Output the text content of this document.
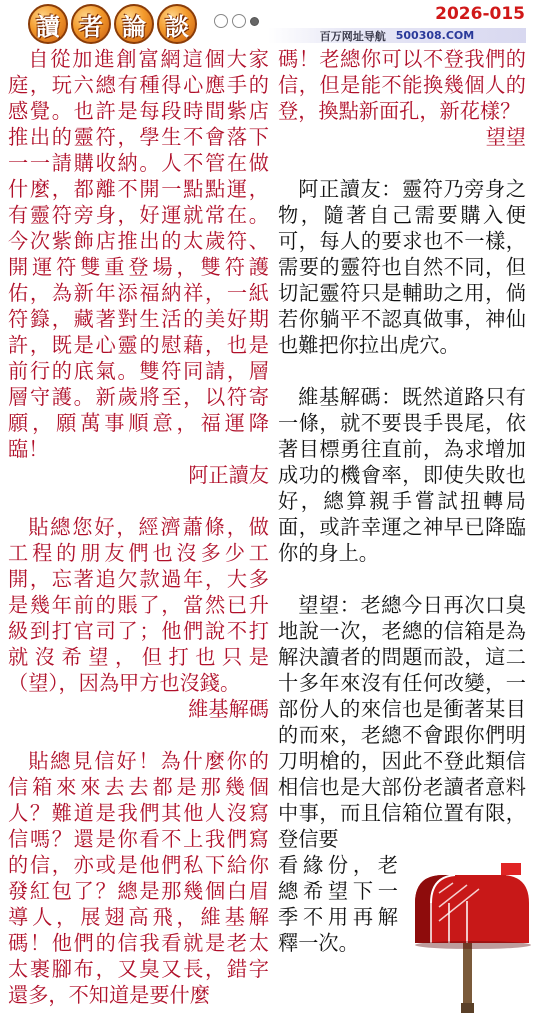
讀 者 論 談	2026-015
百万网址导航 500308.COM

自從加進創富網這個大家庭，玩六總有種得心應手的感覺。也許是每段時間紫店推出的靈符，學生不會落下一一請購收納。人不管在做什麼，都離不開一點點運，有靈符旁身，好運就常在。今次紫飾店推出的太歲符、開運符雙重登場，雙符護佑，為新年添福納祥，一紙符籙，藏著對生活的美好期許，既是心靈的慰藉，也是前行的底氣。雙符同請，層層守護。新歲將至，以符寄願，願萬事順意，福運降臨！

阿正讀友

貼總您好，經濟蕭條，做工程的朋友們也沒多少工開，忘著追欠款過年，大多是幾年前的賬了，當然已升級到打官司了；他們說不打就沒希望，但打也只是（望），因為甲方也沒錢。

維基解碼

貼總見信好！為什麼你的信箱來來去去都是那幾個人？難道是我們其他人沒寫信嗎？還是你看不上我們寫的信，亦或是他們私下給你發紅包了？總是那幾個白眉導人，展翅高飛，維基解碼！他們的信我看就是老太太裹腳布，又臭又長，錯字還多，不知道是要什麼

碼！老總你可以不登我們的信，但是能不能換幾個人的登，換點新面孔，新花樣？

望望

阿正讀友：靈符乃旁身之物，隨著自己需要購入便可，每人的要求也不一樣，需要的靈符也自然不同，但切記靈符只是輔助之用，倘若你躺平不認真做事，神仙也難把你拉出虎穴。

維基解碼：既然道路只有一條，就不要畏手畏尾，依著目標勇往直前，為求增加成功的機會率，即使失敗也好，總算親手嘗試扭轉局面，或許幸運之神早已降臨你的身上。

望望：老總今日再次口臭地說一次，老總的信箱是為解決讀者的問題而設，這二十多年來沒有任何改變，一部份人的來信也是衝著某目的而來，老總不會跟你們明刀明槍的，因此不登此類信相信也是大部份老讀者意料中事，而且信箱位置有限，登信要

看緣份，老總希望下一季不用再解釋一次。
